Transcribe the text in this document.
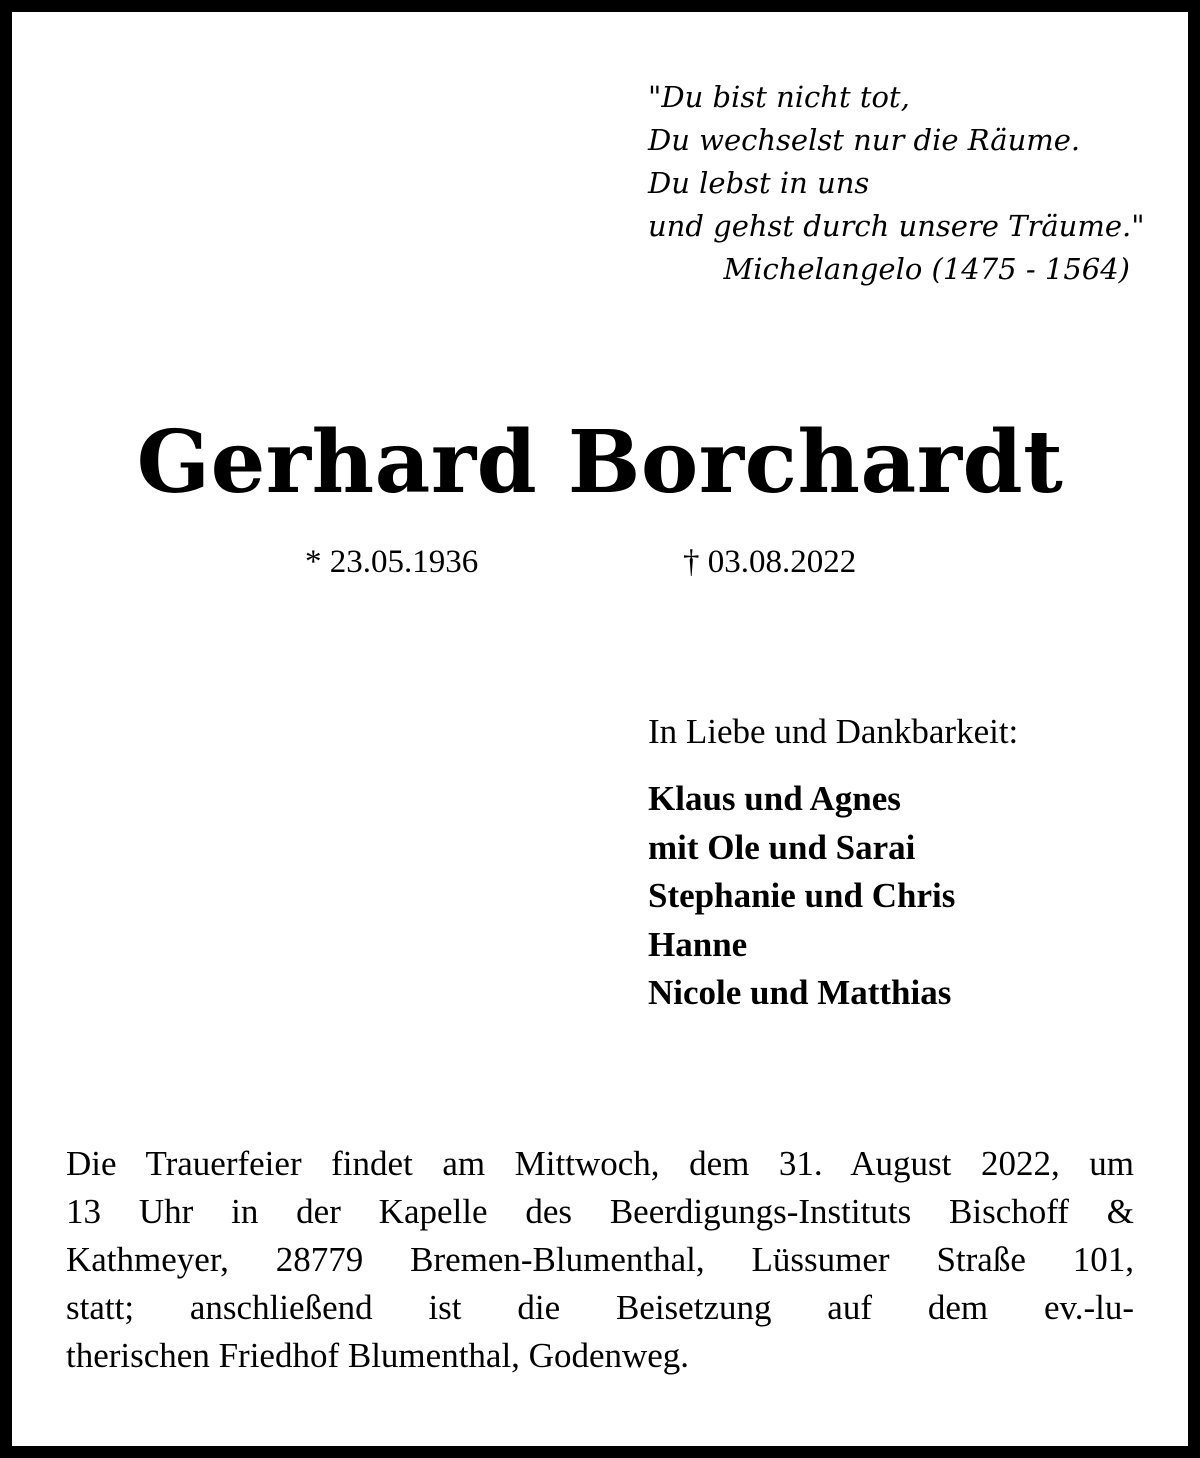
"Du bist nicht tot,
Du wechselst nur die Räume.
Du lebst in uns
und gehst durch unsere Träume."
Michelangelo (1475 - 1564)
Gerhard Borchardt
* 23.05.1936	† 03.08.2022
In Liebe und Dankbarkeit:
Klaus und Agnes
mit Ole und Sarai
Stephanie und Chris
Hanne
Nicole und Matthias
Die Trauerfeier findet am Mittwoch, dem 31. August 2022, um
13 Uhr in der Kapelle des Beerdigungs-Instituts Bischoff &
Kathmeyer, 28779 Bremen-Blumenthal, Lüssumer Straße 101,
statt; anschließend ist die Beisetzung auf dem ev.-lu-
therischen Friedhof Blumenthal, Godenweg.
